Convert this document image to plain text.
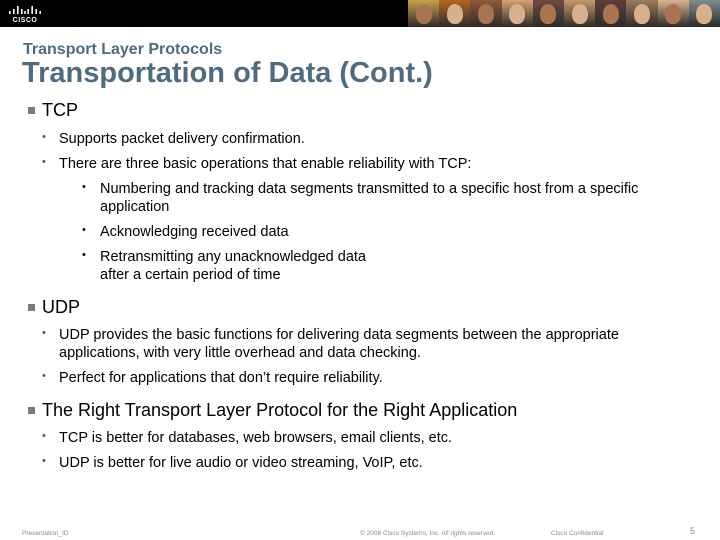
CISCO
Transport Layer Protocols
Transportation of Data (Cont.)
TCP
• Supports packet delivery confirmation.
• There are three basic operations that enable reliability with TCP:
• Numbering and tracking data segments transmitted to a specific host from a specific application
• Acknowledging received data
• Retransmitting any unacknowledged data after a certain period of time
UDP
• UDP provides the basic functions for delivering data segments between the appropriate applications, with very little overhead and data checking.
• Perfect for applications that don’t require reliability.
The Right Transport Layer Protocol for the Right Application
• TCP is better for databases, web browsers, email clients, etc.
• UDP is better for live audio or video streaming, VoIP, etc.
Presentation_ID	© 2008 Cisco Systems, Inc. All rights reserved.	Cisco Confidential	5
